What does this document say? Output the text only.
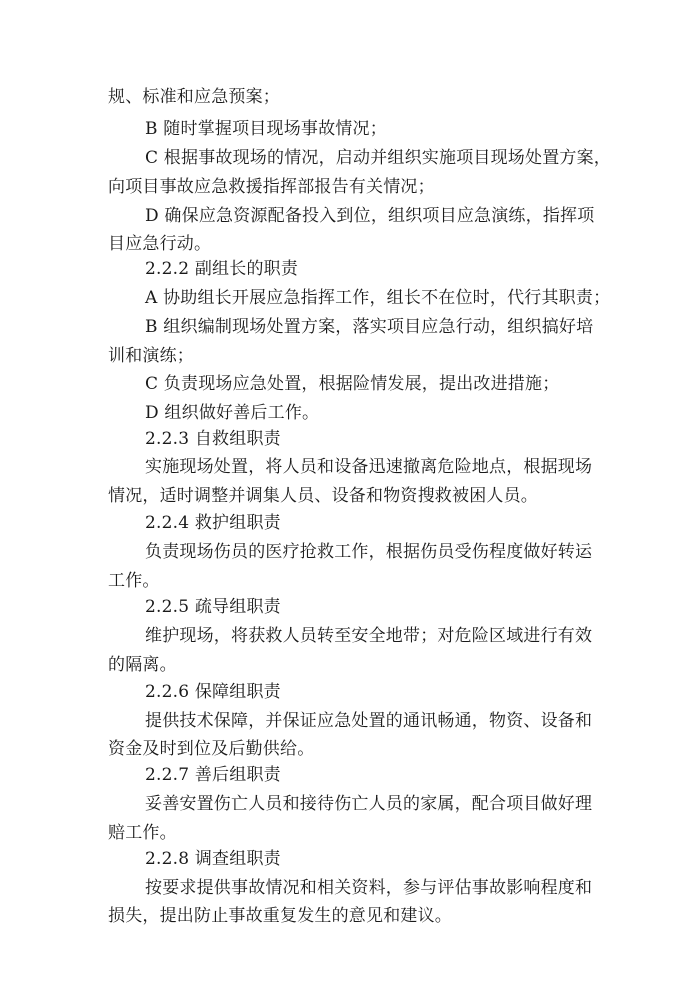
规、标准和应急预案；
B 随时掌握项目现场事故情况；
C 根据事故现场的情况，启动并组织实施项目现场处置方案，
向项目事故应急救援指挥部报告有关情况；
D 确保应急资源配备投入到位，组织项目应急演练，指挥项
目应急行动。
2.2.2 副组长的职责
A 协助组长开展应急指挥工作，组长不在位时，代行其职责；
B 组织编制现场处置方案，落实项目应急行动，组织搞好培
训和演练；
C 负责现场应急处置，根据险情发展，提出改进措施；
D 组织做好善后工作。
2.2.3 自救组职责
实施现场处置，将人员和设备迅速撤离危险地点，根据现场
情况，适时调整并调集人员、设备和物资搜救被困人员。
2.2.4 救护组职责
负责现场伤员的医疗抢救工作，根据伤员受伤程度做好转运
工作。
2.2.5 疏导组职责
维护现场，将获救人员转至安全地带；对危险区域进行有效
的隔离。
2.2.6 保障组职责
提供技术保障，并保证应急处置的通讯畅通，物资、设备和
资金及时到位及后勤供给。
2.2.7 善后组职责
妥善安置伤亡人员和接待伤亡人员的家属，配合项目做好理
赔工作。
2.2.8 调查组职责
按要求提供事故情况和相关资料，参与评估事故影响程度和
损失，提出防止事故重复发生的意见和建议。
